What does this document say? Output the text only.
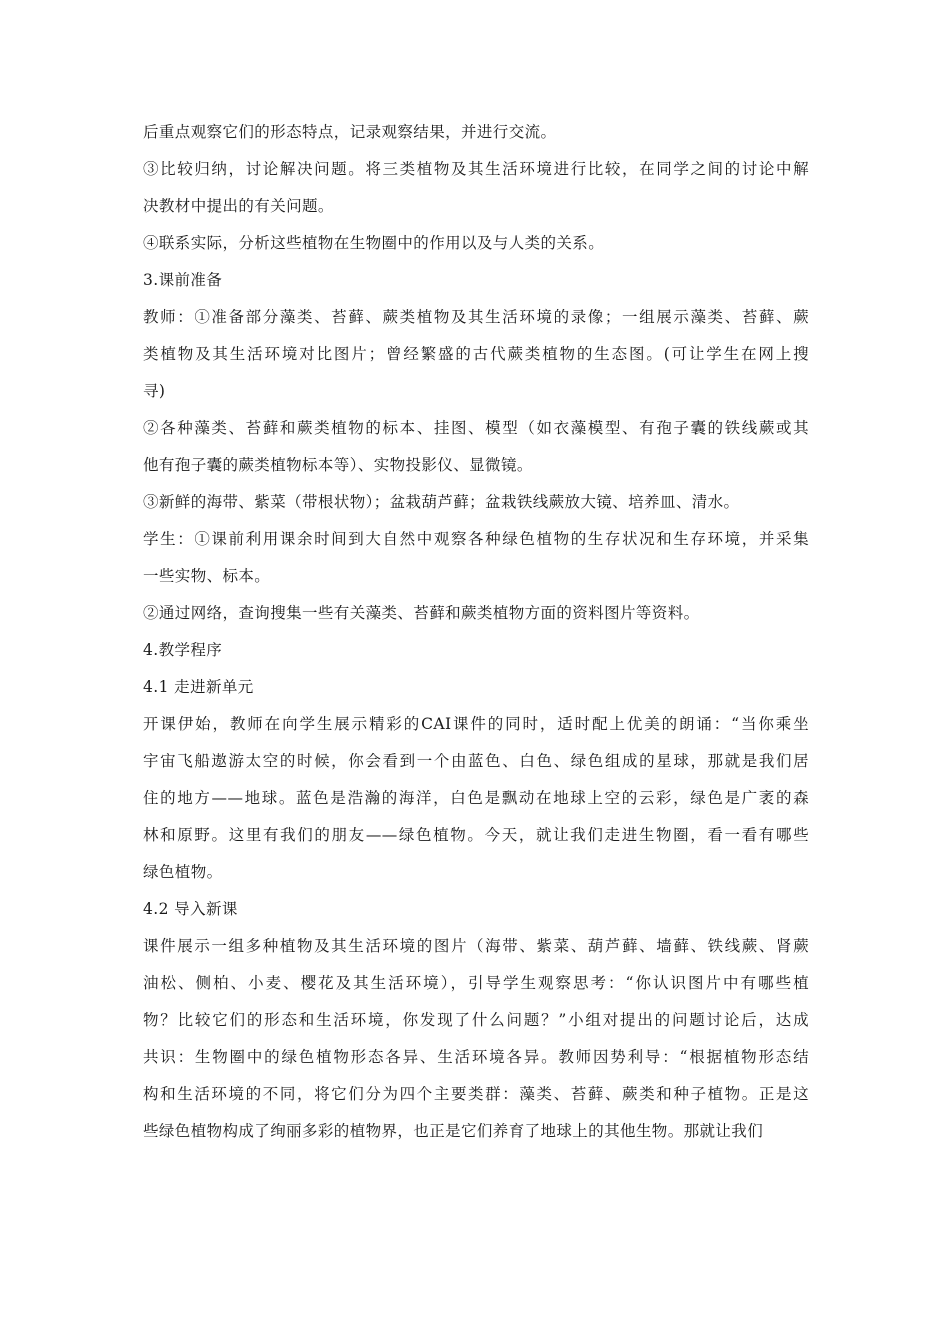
后重点观察它们的形态特点，记录观察结果，并进行交流。
③比较归纳，讨论解决问题。将三类植物及其生活环境进行比较，在同学之间的讨论中解
决教材中提出的有关问题。
④联系实际，分析这些植物在生物圈中的作用以及与人类的关系。
3.课前准备
教师：①准备部分藻类、苔藓、蕨类植物及其生活环境的录像；一组展示藻类、苔藓、蕨
类植物及其生活环境对比图片；曾经繁盛的古代蕨类植物的生态图。(可让学生在网上搜
寻)
②各种藻类、苔藓和蕨类植物的标本、挂图、模型（如衣藻模型、有孢子囊的铁线蕨或其
他有孢子囊的蕨类植物标本等）、实物投影仪、显微镜。
③新鲜的海带、紫菜（带根状物）；盆栽葫芦藓；盆栽铁线蕨放大镜、培养皿、清水。
学生：①课前利用课余时间到大自然中观察各种绿色植物的生存状况和生存环境，并采集
一些实物、标本。
②通过网络，查询搜集一些有关藻类、苔藓和蕨类植物方面的资料图片等资料。
4.教学程序
4.1 走进新单元
开课伊始，教师在向学生展示精彩的CAI课件的同时，适时配上优美的朗诵：“当你乘坐
宇宙飞船遨游太空的时候，你会看到一个由蓝色、白色、绿色组成的星球，那就是我们居
住的地方——地球。蓝色是浩瀚的海洋，白色是飘动在地球上空的云彩，绿色是广袤的森
林和原野。这里有我们的朋友——绿色植物。今天，就让我们走进生物圈，看一看有哪些
绿色植物。
4.2 导入新课
课件展示一组多种植物及其生活环境的图片（海带、紫菜、葫芦藓、墙藓、铁线蕨、肾蕨
油松、侧柏、小麦、樱花及其生活环境），引导学生观察思考：“你认识图片中有哪些植
物？比较它们的形态和生活环境，你发现了什么问题？”小组对提出的问题讨论后，达成
共识：生物圈中的绿色植物形态各异、生活环境各异。教师因势利导：“根据植物形态结
构和生活环境的不同，将它们分为四个主要类群：藻类、苔藓、蕨类和种子植物。正是这
些绿色植物构成了绚丽多彩的植物界，也正是它们养育了地球上的其他生物。那就让我们
